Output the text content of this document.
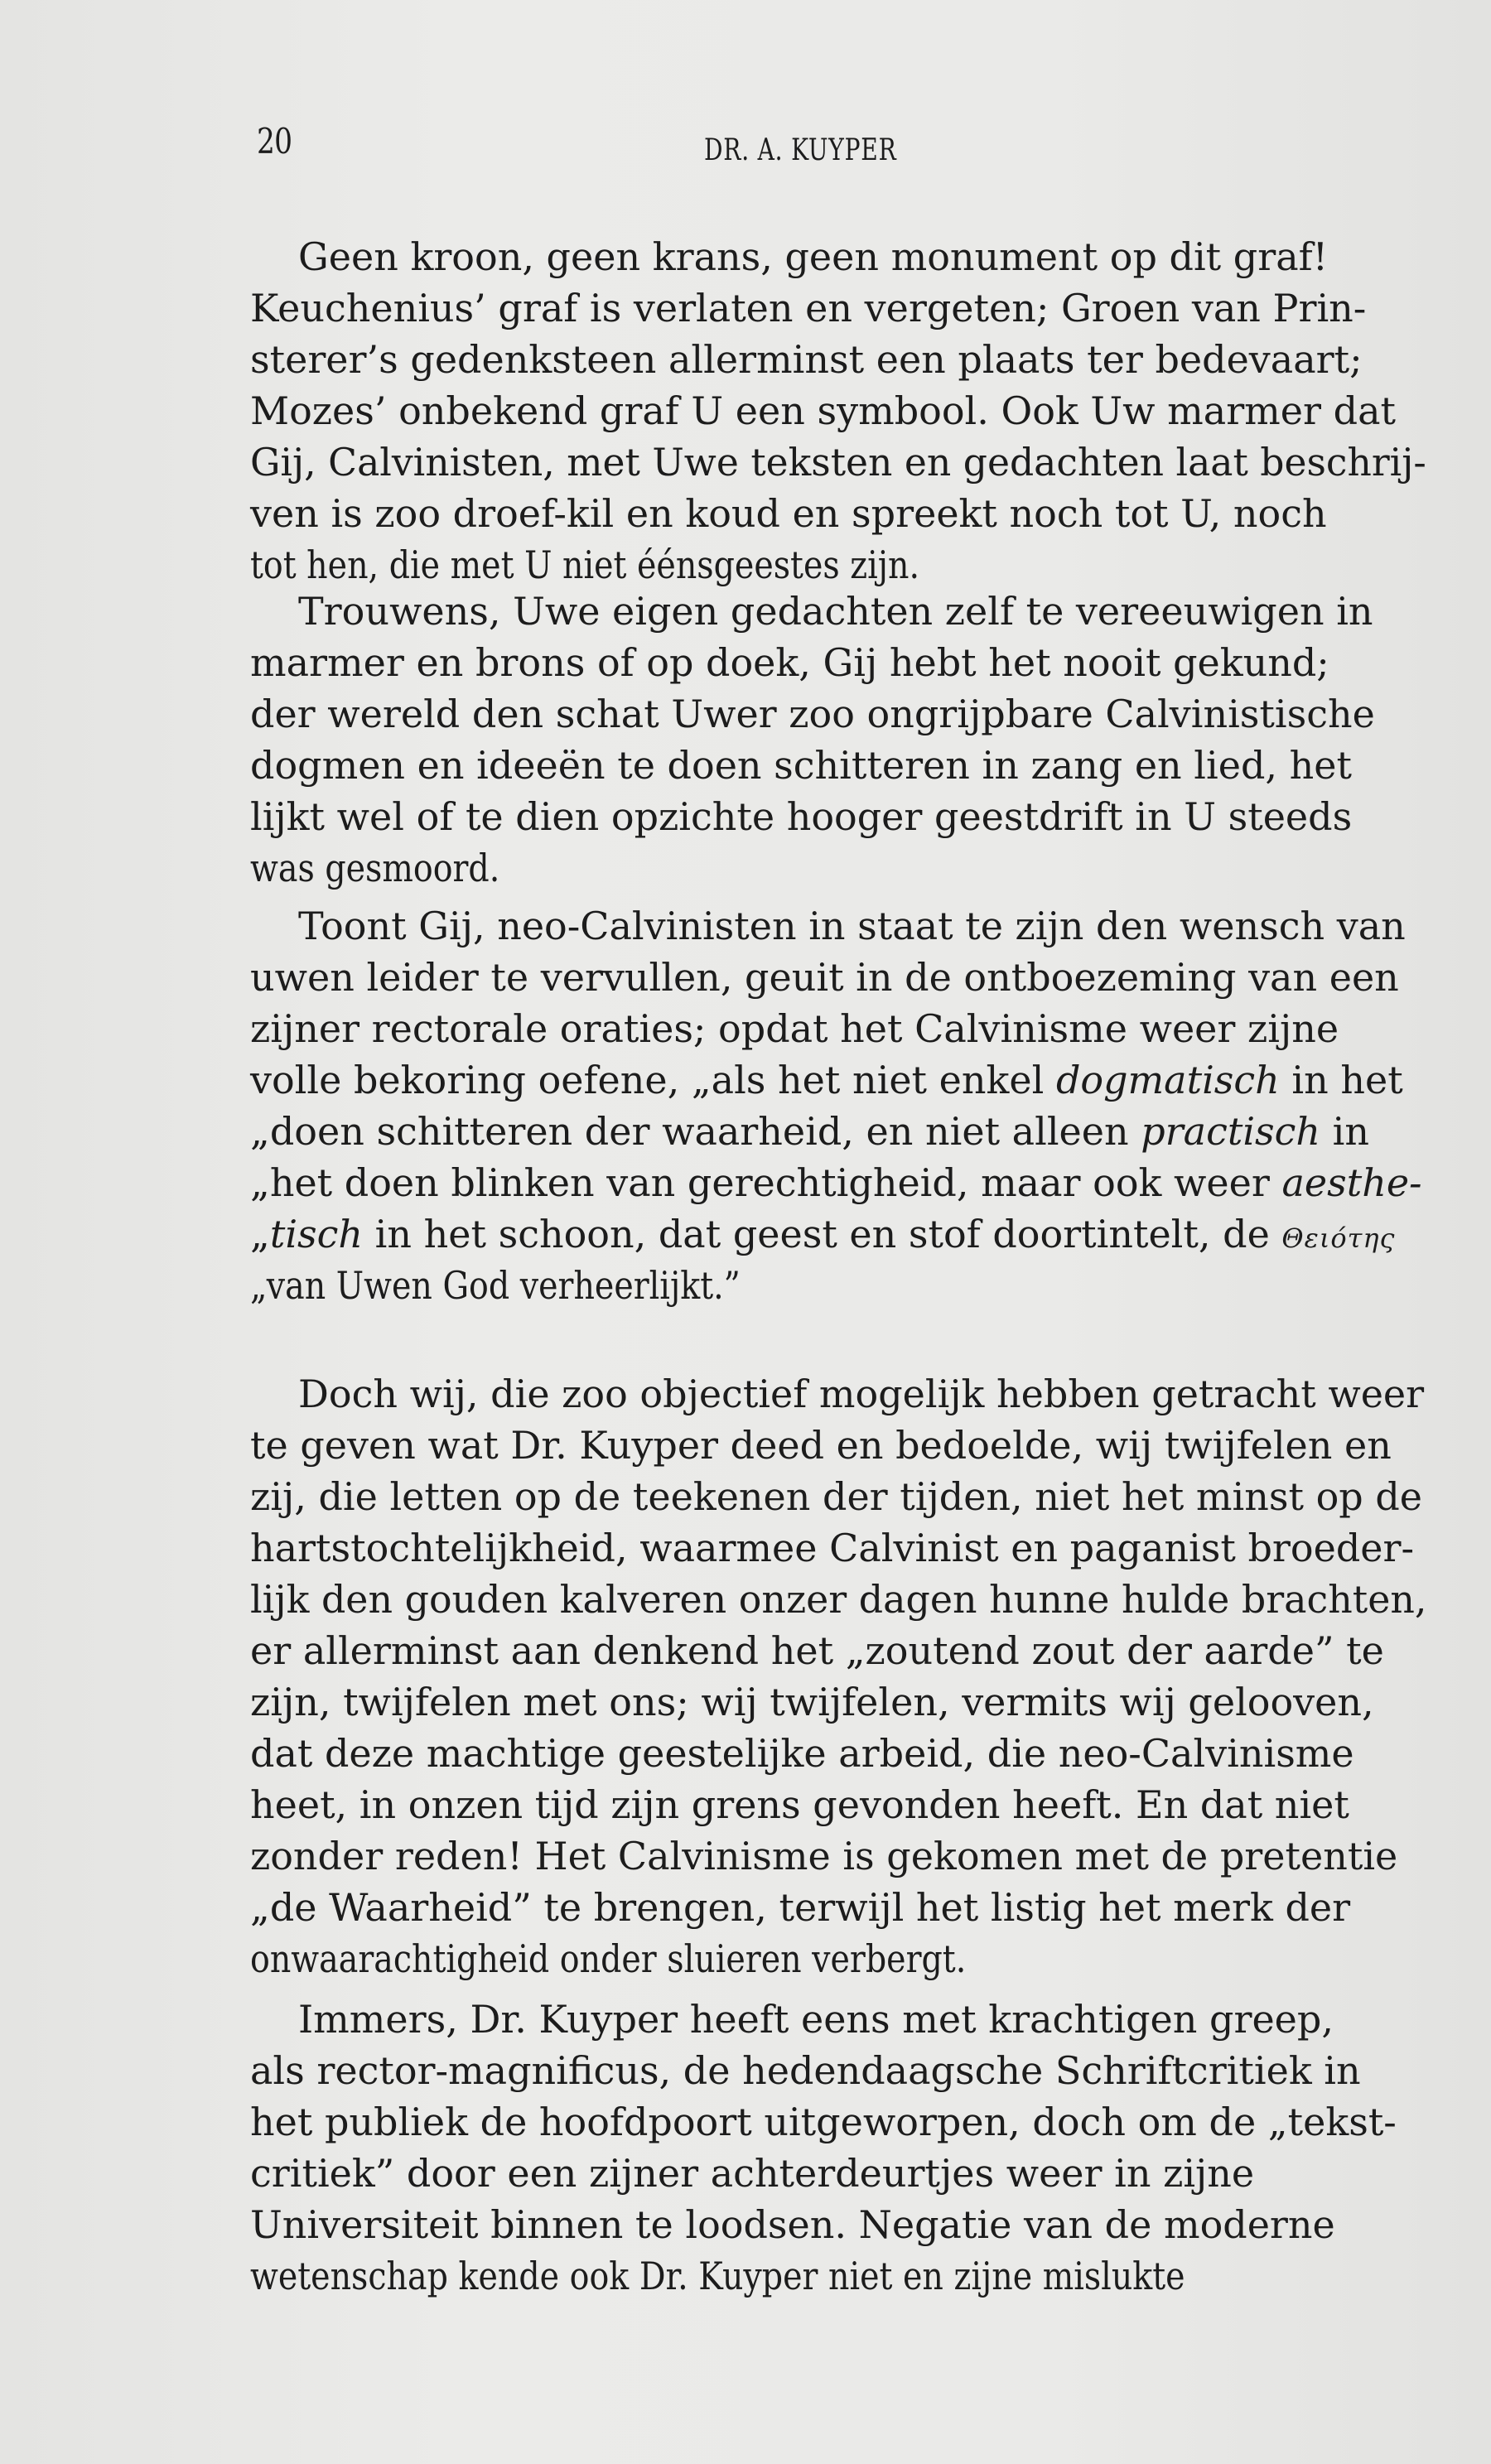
20	DR. A. KUYPER
Geen kroon, geen krans, geen monument op dit graf!
Keuchenius’ graf is verlaten en vergeten; Groen van Prin-
sterer’s gedenksteen allerminst een plaats ter bedevaart;
Mozes’ onbekend graf U een symbool. Ook Uw marmer dat
Gij, Calvinisten, met Uwe teksten en gedachten laat beschrij-
ven is zoo droef-kil en koud en spreekt noch tot U, noch
tot hen, die met U niet éénsgeestes zijn.
Trouwens, Uwe eigen gedachten zelf te vereeuwigen in
marmer en brons of op doek, Gij hebt het nooit gekund;
der wereld den schat Uwer zoo ongrijpbare Calvinistische
dogmen en ideeën te doen schitteren in zang en lied, het
lijkt wel of te dien opzichte hooger geestdrift in U steeds
was gesmoord.
Toont Gij, neo-Calvinisten in staat te zijn den wensch van
uwen leider te vervullen, geuit in de ontboezeming van een
zijner rectorale oraties; opdat het Calvinisme weer zijne
volle bekoring oefene, „als het niet enkel dogmatisch in het
„doen schitteren der waarheid, en niet alleen practisch in
„het doen blinken van gerechtigheid, maar ook weer aesthe-
„tisch in het schoon, dat geest en stof doortintelt, de Θειότης
„van Uwen God verheerlijkt.”
Doch wij, die zoo objectief mogelijk hebben getracht weer
te geven wat Dr. Kuyper deed en bedoelde, wij twijfelen en
zij, die letten op de teekenen der tijden, niet het minst op de
hartstochtelijkheid, waarmee Calvinist en paganist broeder-
lijk den gouden kalveren onzer dagen hunne hulde brachten,
er allerminst aan denkend het „zoutend zout der aarde” te
zijn, twijfelen met ons; wij twijfelen, vermits wij gelooven,
dat deze machtige geestelijke arbeid, die neo-Calvinisme
heet, in onzen tijd zijn grens gevonden heeft. En dat niet
zonder reden! Het Calvinisme is gekomen met de pretentie
„de Waarheid” te brengen, terwijl het listig het merk der
onwaarachtigheid onder sluieren verbergt.
Immers, Dr. Kuyper heeft eens met krachtigen greep,
als rector-magnificus, de hedendaagsche Schriftcritiek in
het publiek de hoofdpoort uitgeworpen, doch om de „tekst-
critiek” door een zijner achterdeurtjes weer in zijne
Universiteit binnen te loodsen. Negatie van de moderne
wetenschap kende ook Dr. Kuyper niet en zijne mislukte
